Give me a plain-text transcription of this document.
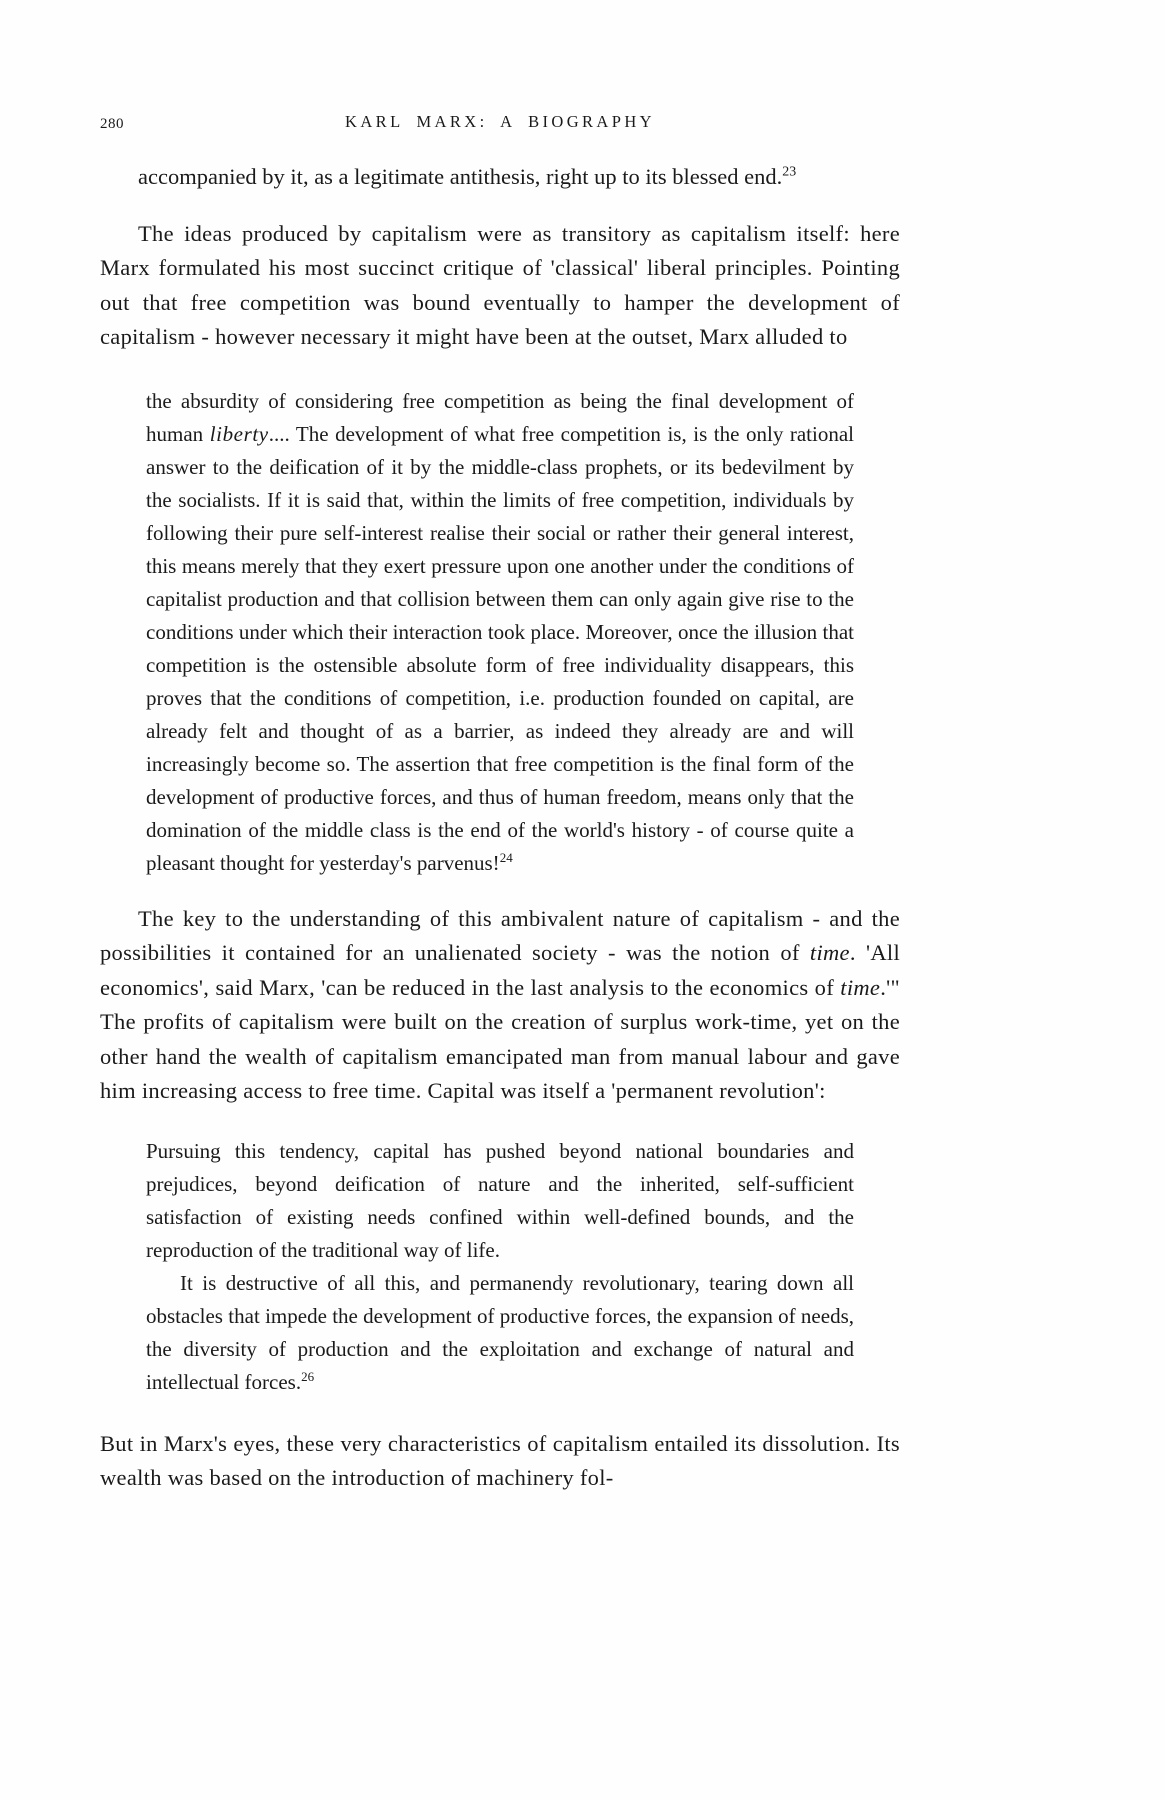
280	KARL MARX: A BIOGRAPHY

accompanied by it, as a legitimate antithesis, right up to its blessed end.$^{23}$

The ideas produced by capitalism were as transitory as capitalism itself: here Marx formulated his most succinct critique of 'classical' liberal principles. Pointing out that free competition was bound eventually to hamper the development of capitalism - however necessary it might have been at the outset, Marx alluded to

the absurdity of considering free competition as being the final development of human liberty.... The development of what free competition is, is the only rational answer to the deification of it by the middle-class prophets, or its bedevilment by the socialists. If it is said that, within the limits of free competition, individuals by following their pure self-interest realise their social or rather their general interest, this means merely that they exert pressure upon one another under the conditions of capitalist production and that collision between them can only again give rise to the conditions under which their interaction took place. Moreover, once the illusion that competition is the ostensible absolute form of free individuality disappears, this proves that the conditions of competition, i.e. production founded on capital, are already felt and thought of as a barrier, as indeed they already are and will increasingly become so. The assertion that free competition is the final form of the development of productive forces, and thus of human freedom, means only that the domination of the middle class is the end of the world's history - of course quite a pleasant thought for yesterday's parvenus!$^{24}$

The key to the understanding of this ambivalent nature of capitalism - and the possibilities it contained for an unalienated society - was the notion of time. 'All economics', said Marx, 'can be reduced in the last analysis to the economics of time.'" The profits of capitalism were built on the creation of surplus work-time, yet on the other hand the wealth of capitalism emancipated man from manual labour and gave him increasing access to free time. Capital was itself a 'permanent revolution':

Pursuing this tendency, capital has pushed beyond national boundaries and prejudices, beyond deification of nature and the inherited, self-sufficient satisfaction of existing needs confined within well-defined bounds, and the reproduction of the traditional way of life.

It is destructive of all this, and permanendy revolutionary, tearing down all obstacles that impede the development of productive forces, the expansion of needs, the diversity of production and the exploitation and exchange of natural and intellectual forces.$^{26}$

But in Marx's eyes, these very characteristics of capitalism entailed its dissolution. Its wealth was based on the introduction of machinery fol-
